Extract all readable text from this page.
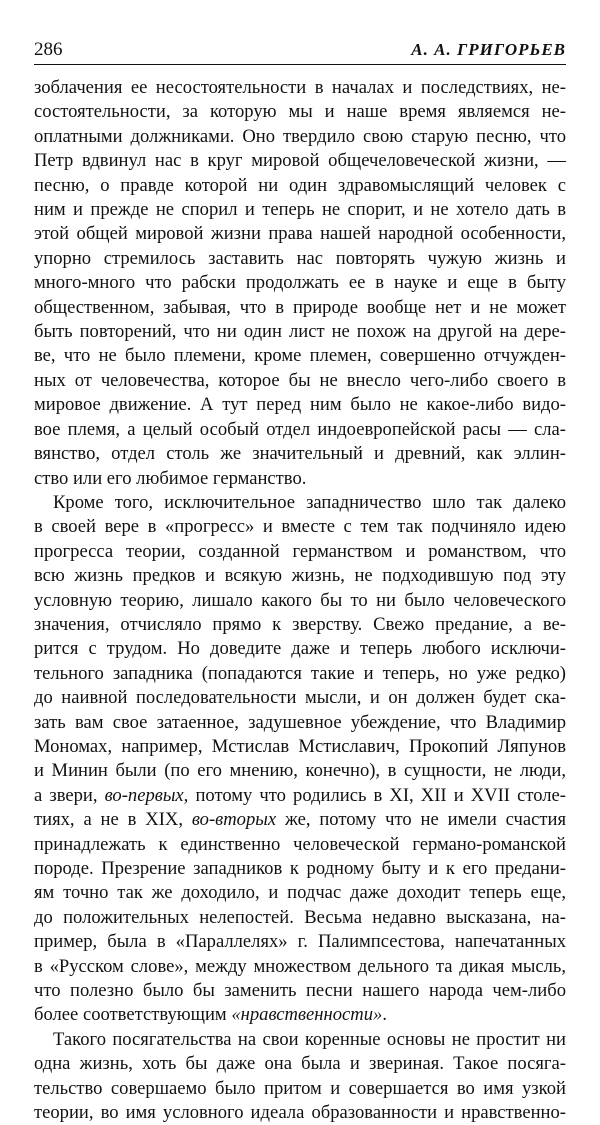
286	А. А. ГРИГОРЬЕВ

зоблачения ее несостоятельности в началах и последствиях, не-
состоятельности, за которую мы и наше время являемся не-
оплатными должниками. Оно твердило свою старую песню, что
Петр вдвинул нас в круг мировой общечеловеческой жизни, —
песню, о правде которой ни один здравомыслящий человек с
ним и прежде не спорил и теперь не спорит, и не хотело дать в
этой общей мировой жизни права нашей народной особенности,
упорно стремилось заставить нас повторять чужую жизнь и
много-много что рабски продолжать ее в науке и еще в быту
общественном, забывая, что в природе вообще нет и не может
быть повторений, что ни один лист не похож на другой на дере-
ве, что не было племени, кроме племен, совершенно отчужден-
ных от человечества, которое бы не внесло чего-либо своего в
мировое движение. А тут перед ним было не какое-либо видо-
вое племя, а целый особый отдел индоевропейской расы — сла-
вянство, отдел столь же значительный и древний, как эллин-
ство или его любимое германство.

Кроме того, исключительное западничество шло так далеко
в своей вере в «прогресс» и вместе с тем так подчиняло идею
прогресса теории, созданной германством и романством, что
всю жизнь предков и всякую жизнь, не подходившую под эту
условную теорию, лишало какого бы то ни было человеческого
значения, отчисляло прямо к зверству. Свежо предание, а ве-
рится с трудом. Но доведите даже и теперь любого исключи-
тельного западника (попадаются такие и теперь, но уже редко)
до наивной последовательности мысли, и он должен будет ска-
зать вам свое затаенное, задушевное убеждение, что Владимир
Мономах, например, Мстислав Мстиславич, Прокопий Ляпунов
и Минин были (по его мнению, конечно), в сущности, не люди,
а звери, во-первых, потому что родились в XI, XII и XVII столе-
тиях, а не в XIX, во-вторых же, потому что не имели счастия
принадлежать к единственно человеческой германо-романской
породе. Презрение западников к родному быту и к его предани-
ям точно так же доходило, и подчас даже доходит теперь еще,
до положительных нелепостей. Весьма недавно высказана, на-
пример, была в «Параллелях» г. Палимпсестова, напечатанных
в «Русском слове», между множеством дельного та дикая мысль,
что полезно было бы заменить песни нашего народа чем-либо
более соответствующим «нравственности».

Такого посягательства на свои коренные основы не простит ни
одна жизнь, хоть бы даже она была и звериная. Такое посяга-
тельство совершаемо было притом и совершается во имя узкой
теории, во имя условного идеала образованности и нравственно-
